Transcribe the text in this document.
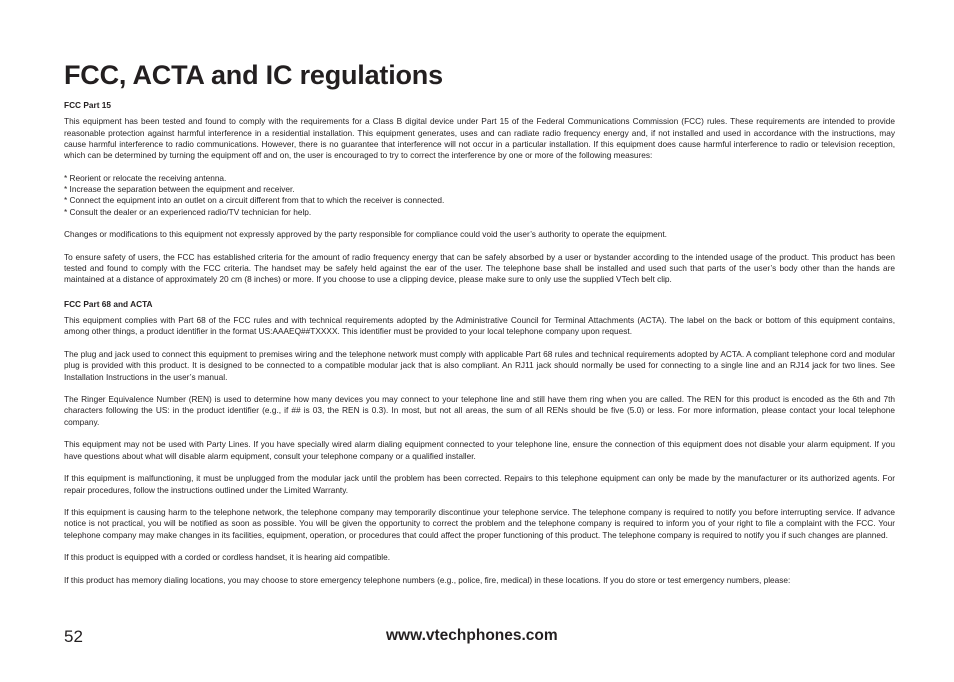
FCC, ACTA and IC regulations
FCC Part 15

This equipment has been tested and found to comply with the requirements for a Class B digital device under Part 15 of the Federal Communications Commission (FCC) rules. These requirements are intended to provide reasonable protection against harmful interference in a residential installation. This equipment generates, uses and can radiate radio frequency energy and, if not installed and used in accordance with the instructions, may cause harmful interference to radio communications. However, there is no guarantee that interference will not occur in a particular installation. If this equipment does cause harmful interference to radio or television reception, which can be determined by turning the equipment off and on, the user is encouraged to try to correct the interference by one or more of the following measures:

* Reorient or relocate the receiving antenna.
* Increase the separation between the equipment and receiver.
* Connect the equipment into an outlet on a circuit different from that to which the receiver is connected.
* Consult the dealer or an experienced radio/TV technician for help.

Changes or modifications to this equipment not expressly approved by the party responsible for compliance could void the user’s authority to operate the equipment.

To ensure safety of users, the FCC has established criteria for the amount of radio frequency energy that can be safely absorbed by a user or bystander according to the intended usage of the product. This product has been tested and found to comply with the FCC criteria. The handset may be safely held against the ear of the user. The telephone base shall be installed and used such that parts of the user’s body other than the hands are maintained at a distance of approximately 20 cm (8 inches) or more. If you choose to use a clipping device, please make sure to only use the supplied VTech belt clip.

FCC Part 68 and ACTA

This equipment complies with Part 68 of the FCC rules and with technical requirements adopted by the Administrative Council for Terminal Attachments (ACTA). The label on the back or bottom of this equipment contains, among other things, a product identifier in the format US:AAAEQ##TXXXX. This identifier must be provided to your local telephone company upon request.

The plug and jack used to connect this equipment to premises wiring and the telephone network must comply with applicable Part 68 rules and technical requirements adopted by ACTA. A compliant telephone cord and modular plug is provided with this product. It is designed to be connected to a compatible modular jack that is also compliant. An RJ11 jack should normally be used for connecting to a single line and an RJ14 jack for two lines. See Installation Instructions in the user’s manual.

The Ringer Equivalence Number (REN) is used to determine how many devices you may connect to your telephone line and still have them ring when you are called. The REN for this product is encoded as the 6th and 7th characters following the US: in the product identifier (e.g., if ## is 03, the REN is 0.3). In most, but not all areas, the sum of all RENs should be five (5.0) or less. For more information, please contact your local telephone company.

This equipment may not be used with Party Lines. If you have specially wired alarm dialing equipment connected to your telephone line, ensure the connection of this equipment does not disable your alarm equipment. If you have questions about what will disable alarm equipment, consult your telephone company or a qualified installer.

If this equipment is malfunctioning, it must be unplugged from the modular jack until the problem has been corrected. Repairs to this telephone equipment can only be made by the manufacturer or its authorized agents. For repair procedures, follow the instructions outlined under the Limited Warranty.

If this equipment is causing harm to the telephone network, the telephone company may temporarily discontinue your telephone service. The telephone company is required to notify you before interrupting service. If advance notice is not practical, you will be notified as soon as possible. You will be given the opportunity to correct the problem and the telephone company is required to inform you of your right to file a complaint with the FCC. Your telephone company may make changes in its facilities, equipment, operation, or procedures that could affect the proper functioning of this product. The telephone company is required to notify you if such changes are planned.

If this product is equipped with a corded or cordless handset, it is hearing aid compatible.

If this product has memory dialing locations, you may choose to store emergency telephone numbers (e.g., police, fire, medical) in these locations. If you do store or test emergency numbers, please:

52	www.vtechphones.com
